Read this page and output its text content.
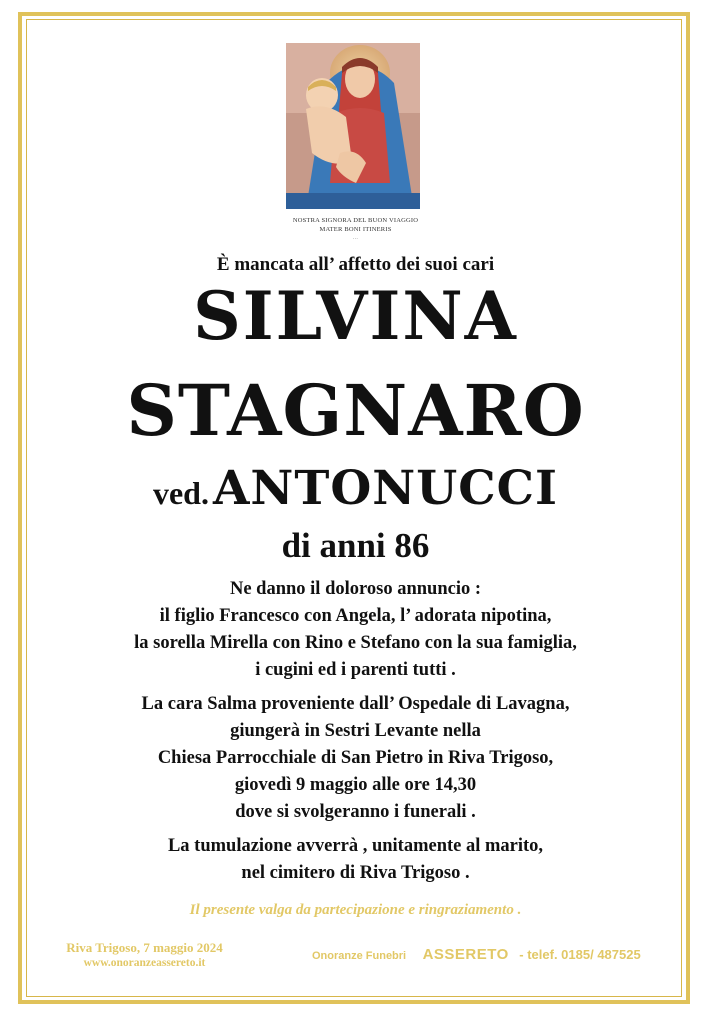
NOSTRA SIGNORA DEL BUON VIAGGIO
MATER BONI ITINERIS
...
È mancata all’ affetto dei suoi cari
SILVINA
STAGNARO
ved. ANTONUCCI
di anni 86
Ne danno il doloroso annuncio :
il figlio Francesco con Angela, l’ adorata nipotina,
la sorella Mirella con Rino e Stefano con la sua famiglia,
i cugini ed i parenti tutti .
La cara Salma proveniente dall’ Ospedale di Lavagna,
giungerà in Sestri Levante nella
Chiesa Parrocchiale di San Pietro in Riva Trigoso,
giovedì 9 maggio alle ore 14,30
dove si svolgeranno i funerali .
La tumulazione avverrà , unitamente al marito,
nel cimitero di Riva Trigoso .
Il presente valga da partecipazione e ringraziamento .
Riva Trigoso, 7 maggio 2024
www.onoranzeassereto.it
Onoranze Funebri ASSERETO - telef. 0185/ 487525
